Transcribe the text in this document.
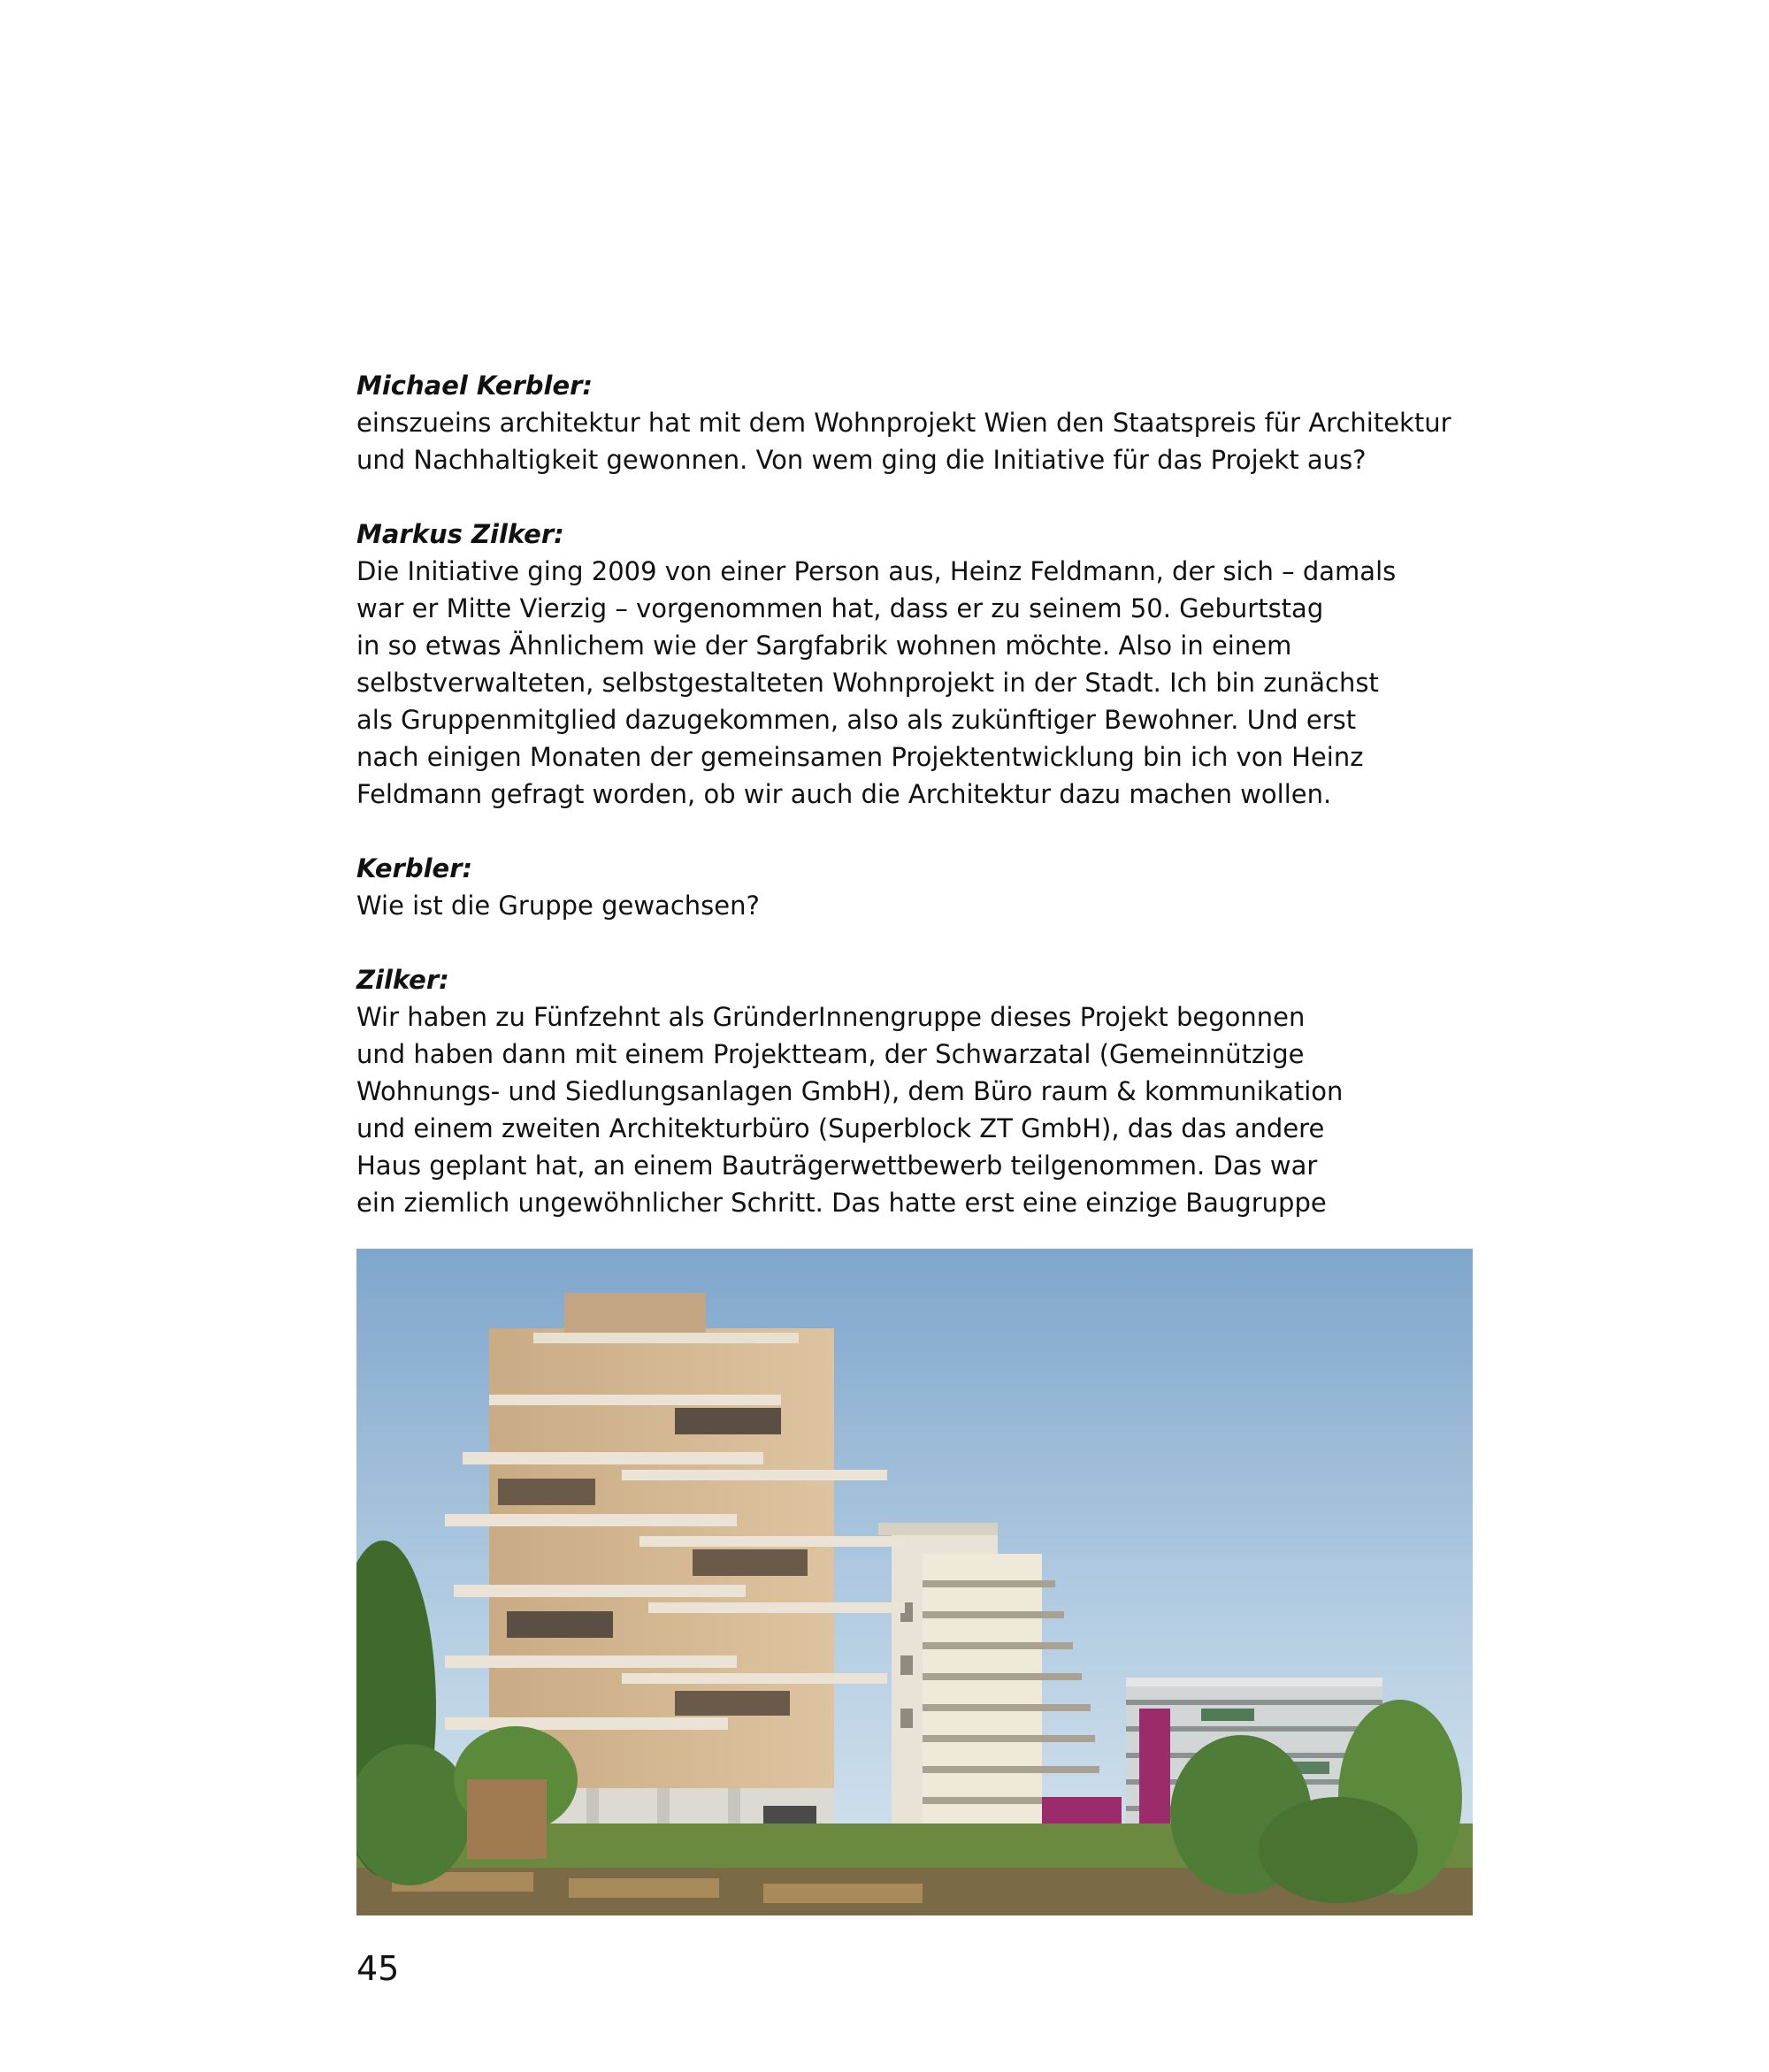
Michael Kerbler:
einszueins architektur hat mit dem Wohnprojekt Wien den Staatspreis für Architektur
und Nachhaltigkeit gewonnen. Von wem ging die Initiative für das Projekt aus?
Markus Zilker:
Die Initiative ging 2009 von einer Person aus, Heinz Feldmann, der sich – damals
war er Mitte Vierzig – vorgenommen hat, dass er zu seinem 50. Geburtstag
in so etwas Ähnlichem wie der Sargfabrik wohnen möchte. Also in einem
selbstverwalteten, selbstgestalteten Wohnprojekt in der Stadt. Ich bin zunächst
als Gruppenmitglied dazugekommen, also als zukünftiger Bewohner. Und erst
nach einigen Monaten der gemeinsamen Projektentwicklung bin ich von Heinz
Feldmann gefragt worden, ob wir auch die Architektur dazu machen wollen.
Kerbler:
Wie ist die Gruppe gewachsen?
Zilker:
Wir haben zu Fünfzehnt als GründerInnengruppe dieses Projekt begonnen
und haben dann mit einem Projektteam, der Schwarzatal (Gemeinnützige
Wohnungs- und Siedlungsanlagen GmbH), dem Büro raum & kommunikation
und einem zweiten Architekturbüro (Superblock ZT GmbH), das das andere
Haus geplant hat, an einem Bauträgerwettbewerb teilgenommen. Das war
ein ziemlich ungewöhnlicher Schritt. Das hatte erst eine einzige Baugruppe
45
